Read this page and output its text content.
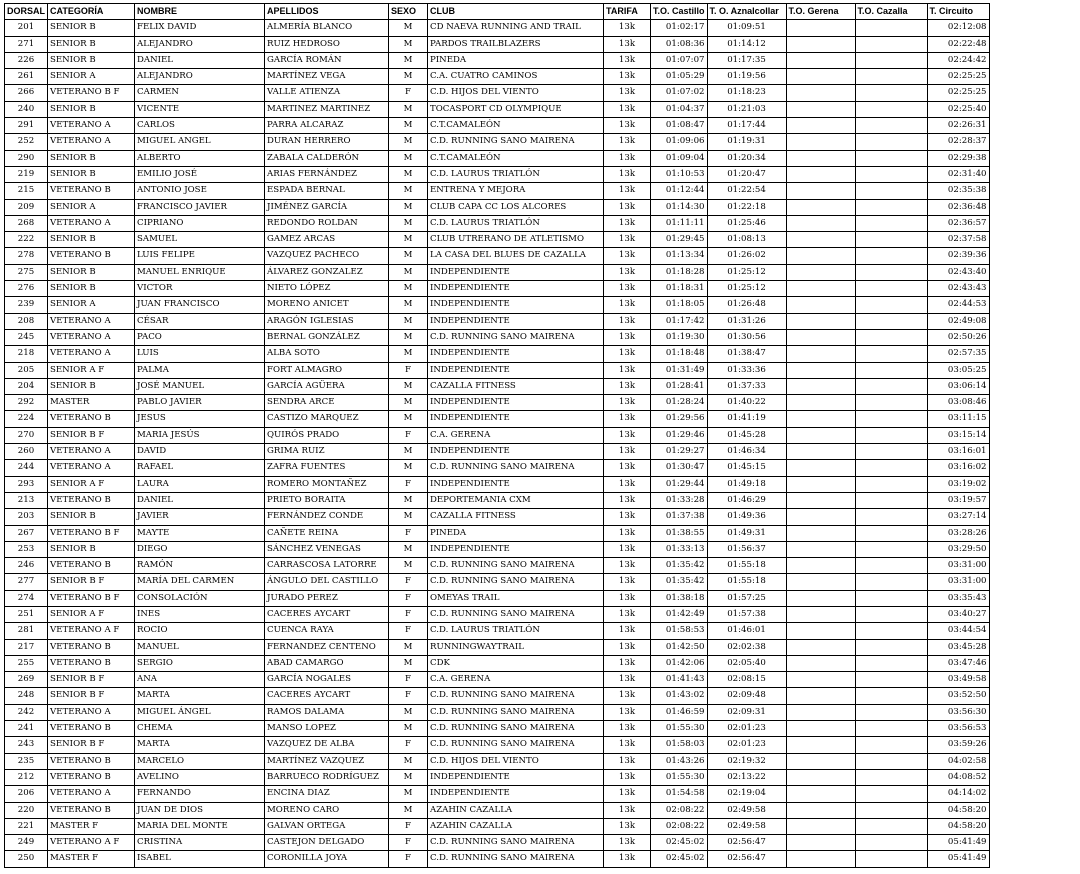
DORSAL	CATEGORÍA	NOMBRE	APELLIDOS	SEXO	CLUB	TARIFA	T.O. Castillo	T. O. Aznalcollar	T.O. Gerena	T.O. Cazalla	T. Circuito
201	SENIOR B	FELIX DAVID	ALMERÍA BLANCO	M	CD NAEVA RUNNING AND TRAIL	13k	01:02:17	01:09:51			02:12:08
271	SENIOR B	ALEJANDRO	RUIZ HEDROSO	M	PARDOS TRAILBLAZERS	13k	01:08:36	01:14:12			02:22:48
226	SENIOR B	DANIEL	GARCÍA ROMÁN	M	PINEDA	13k	01:07:07	01:17:35			02:24:42
261	SENIOR A	ALEJANDRO	MARTÍNEZ VEGA	M	C.A. CUATRO CAMINOS	13k	01:05:29	01:19:56			02:25:25
266	VETERANO B F	CARMEN	VALLE ATIENZA	F	C.D. HIJOS DEL VIENTO	13k	01:07:02	01:18:23			02:25:25
240	SENIOR B	VICENTE	MARTINEZ MARTINEZ	M	TOCASPORT CD OLYMPIQUE	13k	01:04:37	01:21:03			02:25:40
291	VETERANO A	CARLOS	PARRA ALCARAZ	M	C.T.CAMALEÓN	13k	01:08:47	01:17:44			02:26:31
252	VETERANO A	MIGUEL ANGEL	DURAN HERRERO	M	C.D. RUNNING SANO MAIRENA	13k	01:09:06	01:19:31			02:28:37
290	SENIOR B	ALBERTO	ZABALA CALDERÓN	M	C.T.CAMALEÓN	13k	01:09:04	01:20:34			02:29:38
219	SENIOR B	EMILIO JOSÉ	ARIAS FERNÁNDEZ	M	C.D. LAURUS TRIATLÓN	13k	01:10:53	01:20:47			02:31:40
215	VETERANO B	ANTONIO JOSE	ESPADA BERNAL	M	ENTRENA Y MEJORA	13k	01:12:44	01:22:54			02:35:38
209	SENIOR A	FRANCISCO JAVIER	JIMÉNEZ GARCÍA	M	CLUB CAPA CC LOS ALCORES	13k	01:14:30	01:22:18			02:36:48
268	VETERANO A	CIPRIANO	REDONDO ROLDAN	M	C.D. LAURUS TRIATLÓN	13k	01:11:11	01:25:46			02:36:57
222	SENIOR B	SAMUEL	GAMEZ ARCAS	M	CLUB UTRERANO DE ATLETISMO	13k	01:29:45	01:08:13			02:37:58
278	VETERANO B	LUIS FELIPE	VAZQUEZ PACHECO	M	LA CASA DEL BLUES DE CAZALLA	13k	01:13:34	01:26:02			02:39:36
275	SENIOR B	MANUEL ENRIQUE	ÁLVAREZ GONZALEZ	M	INDEPENDIENTE	13k	01:18:28	01:25:12			02:43:40
276	SENIOR B	VICTOR	NIETO LÓPEZ	M	INDEPENDIENTE	13k	01:18:31	01:25:12			02:43:43
239	SENIOR A	JUAN FRANCISCO	MORENO ANICET	M	INDEPENDIENTE	13k	01:18:05	01:26:48			02:44:53
208	VETERANO A	CÉSAR	ARAGÓN IGLESIAS	M	INDEPENDIENTE	13k	01:17:42	01:31:26			02:49:08
245	VETERANO A	PACO	BERNAL GONZÁLEZ	M	C.D. RUNNING SANO MAIRENA	13k	01:19:30	01:30:56			02:50:26
218	VETERANO A	LUIS	ALBA SOTO	M	INDEPENDIENTE	13k	01:18:48	01:38:47			02:57:35
205	SENIOR A F	PALMA	FORT ALMAGRO	F	INDEPENDIENTE	13k	01:31:49	01:33:36			03:05:25
204	SENIOR B	JOSÉ MANUEL	GARCÍA AGÜERA	M	CAZALLA FITNESS	13k	01:28:41	01:37:33			03:06:14
292	MASTER	PABLO JAVIER	SENDRA ARCE	M	INDEPENDIENTE	13k	01:28:24	01:40:22			03:08:46
224	VETERANO B	JESUS	CASTIZO MARQUEZ	M	INDEPENDIENTE	13k	01:29:56	01:41:19			03:11:15
270	SENIOR B F	MARIA JESÚS	QUIRÓS PRADO	F	C.A. GERENA	13k	01:29:46	01:45:28			03:15:14
260	VETERANO A	DAVID	GRIMA RUIZ	M	INDEPENDIENTE	13k	01:29:27	01:46:34			03:16:01
244	VETERANO A	RAFAEL	ZAFRA FUENTES	M	C.D. RUNNING SANO MAIRENA	13k	01:30:47	01:45:15			03:16:02
293	SENIOR A F	LAURA	ROMERO MONTAÑEZ	F	INDEPENDIENTE	13k	01:29:44	01:49:18			03:19:02
213	VETERANO B	DANIEL	PRIETO BORAITA	M	DEPORTEMANIA CXM	13k	01:33:28	01:46:29			03:19:57
203	SENIOR B	JAVIER	FERNÁNDEZ CONDE	M	CAZALLA FITNESS	13k	01:37:38	01:49:36			03:27:14
267	VETERANO B F	MAYTE	CAÑETE REINA	F	PINEDA	13k	01:38:55	01:49:31			03:28:26
253	SENIOR B	DIEGO	SÁNCHEZ VENEGAS	M	INDEPENDIENTE	13k	01:33:13	01:56:37			03:29:50
246	VETERANO B	RAMÓN	CARRASCOSA LATORRE	M	C.D. RUNNING SANO MAIRENA	13k	01:35:42	01:55:18			03:31:00
277	SENIOR B F	MARÍA DEL CARMEN	ÁNGULO DEL CASTILLO	F	C.D. RUNNING SANO MAIRENA	13k	01:35:42	01:55:18			03:31:00
274	VETERANO B F	CONSOLACIÓN	JURADO PEREZ	F	OMEYAS TRAIL	13k	01:38:18	01:57:25			03:35:43
251	SENIOR A F	INES	CACERES AYCART	F	C.D. RUNNING SANO MAIRENA	13k	01:42:49	01:57:38			03:40:27
281	VETERANO A F	ROCIO	CUENCA RAYA	F	C.D. LAURUS TRIATLÓN	13k	01:58:53	01:46:01			03:44:54
217	VETERANO B	MANUEL	FERNANDEZ CENTENO	M	RUNNINGWAYTRAIL	13k	01:42:50	02:02:38			03:45:28
255	VETERANO B	SERGIO	ABAD CAMARGO	M	CDK	13k	01:42:06	02:05:40			03:47:46
269	SENIOR B F	ANA	GARCÍA NOGALES	F	C.A. GERENA	13k	01:41:43	02:08:15			03:49:58
248	SENIOR B F	MARTA	CACERES AYCART	F	C.D. RUNNING SANO MAIRENA	13k	01:43:02	02:09:48			03:52:50
242	VETERANO A	MIGUEL ÁNGEL	RAMOS DALAMA	M	C.D. RUNNING SANO MAIRENA	13k	01:46:59	02:09:31			03:56:30
241	VETERANO B	CHEMA	MANSO LOPEZ	M	C.D. RUNNING SANO MAIRENA	13k	01:55:30	02:01:23			03:56:53
243	SENIOR B F	MARTA	VAZQUEZ DE ALBA	F	C.D. RUNNING SANO MAIRENA	13k	01:58:03	02:01:23			03:59:26
235	VETERANO B	MARCELO	MARTÍNEZ VAZQUEZ	M	C.D. HIJOS DEL VIENTO	13k	01:43:26	02:19:32			04:02:58
212	VETERANO B	AVELINO	BARRUECO RODRÍGUEZ	M	INDEPENDIENTE	13k	01:55:30	02:13:22			04:08:52
206	VETERANO A	FERNANDO	ENCINA DIAZ	M	INDEPENDIENTE	13k	01:54:58	02:19:04			04:14:02
220	VETERANO B	JUAN DE DIOS	MORENO CARO	M	AZAHIN CAZALLA	13k	02:08:22	02:49:58			04:58:20
221	MASTER F	MARIA DEL MONTE	GALVAN ORTEGA	F	AZAHIN CAZALLA	13k	02:08:22	02:49:58			04:58:20
249	VETERANO A F	CRISTINA	CASTEJON DELGADO	F	C.D. RUNNING SANO MAIRENA	13k	02:45:02	02:56:47			05:41:49
250	MASTER F	ISABEL	CORONILLA JOYA	F	C.D. RUNNING SANO MAIRENA	13k	02:45:02	02:56:47			05:41:49
